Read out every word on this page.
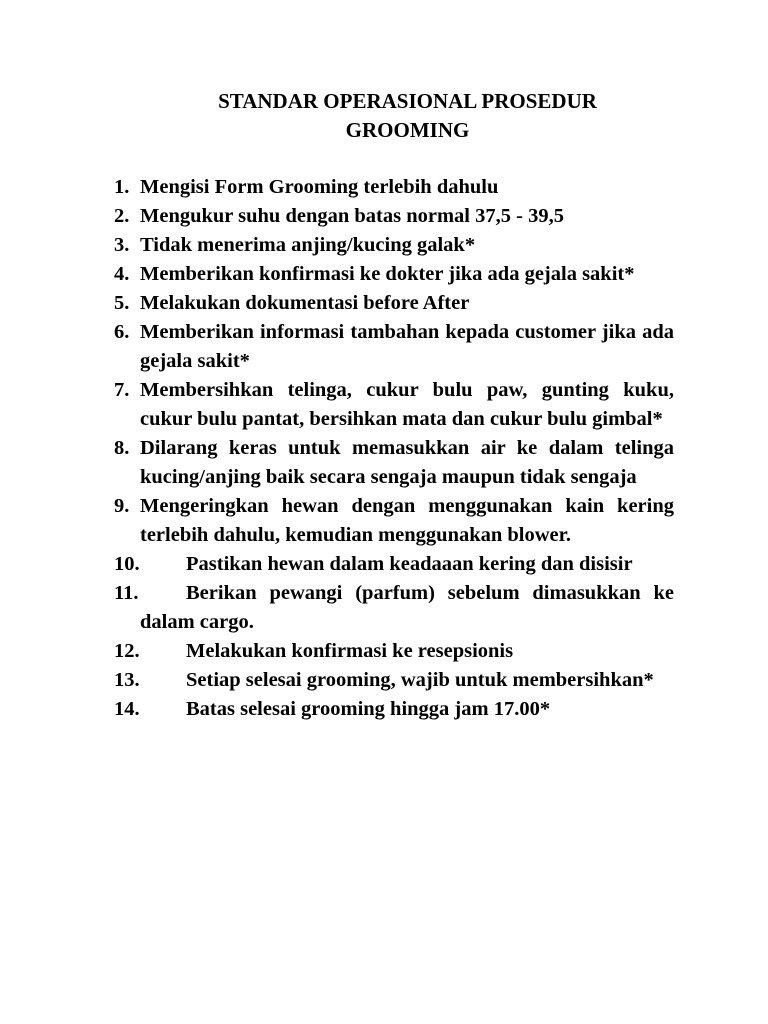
STANDAR OPERASIONAL PROSEDUR
GROOMING
1. Mengisi Form Grooming terlebih dahulu
2. Mengukur suhu dengan batas normal 37,5 - 39,5
3. Tidak menerima anjing/kucing galak*
4. Memberikan konfirmasi ke dokter jika ada gejala sakit*
5. Melakukan dokumentasi before After
6. Memberikan informasi tambahan kepada customer jika ada gejala sakit*
7. Membersihkan telinga, cukur bulu paw, gunting kuku, cukur bulu pantat, bersihkan mata dan cukur bulu gimbal*
8. Dilarang keras untuk memasukkan air ke dalam telinga kucing/anjing baik secara sengaja maupun tidak sengaja
9. Mengeringkan hewan dengan menggunakan kain kering terlebih dahulu, kemudian menggunakan blower.
10. Pastikan hewan dalam keadaaan kering dan disisir
11. Berikan pewangi (parfum) sebelum dimasukkan ke dalam cargo.
12. Melakukan konfirmasi ke resepsionis
13. Setiap selesai grooming, wajib untuk membersihkan*
14. Batas selesai grooming hingga jam 17.00*
